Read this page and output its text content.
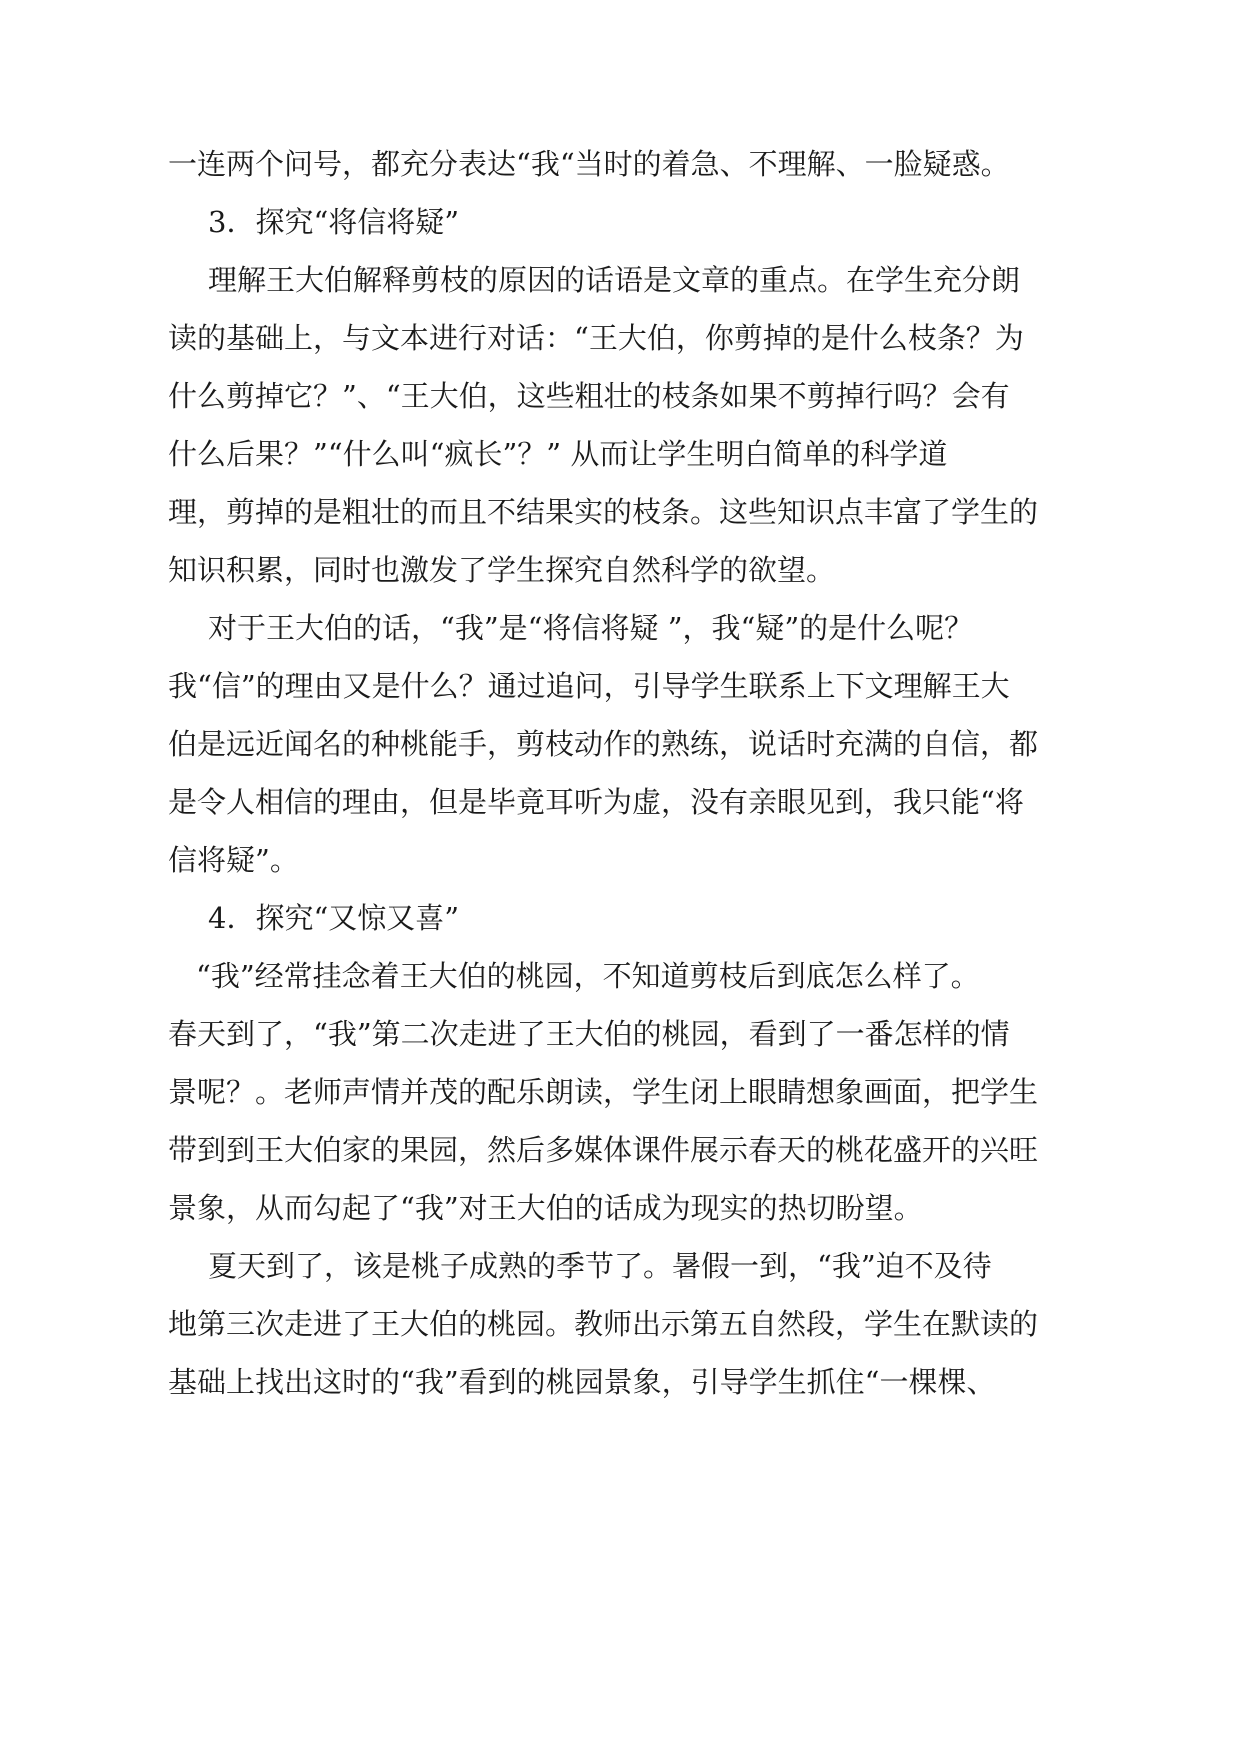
一连两个问号，都充分表达“我“当时的着急、不理解、一脸疑惑。
3．探究“将信将疑”
理解王大伯解释剪枝的原因的话语是文章的重点。在学生充分朗
读的基础上，与文本进行对话：“王大伯，你剪掉的是什么枝条？为
什么剪掉它？”、“王大伯，这些粗壮的枝条如果不剪掉行吗？会有
什么后果？”“什么叫“疯长”？” 从而让学生明白简单的科学道
理，剪掉的是粗壮的而且不结果实的枝条。这些知识点丰富了学生的
知识积累，同时也激发了学生探究自然科学的欲望。
对于王大伯的话，“我”是“将信将疑 ”，我“疑”的是什么呢？
我“信”的理由又是什么？通过追问，引导学生联系上下文理解王大
伯是远近闻名的种桃能手，剪枝动作的熟练，说话时充满的自信，都
是令人相信的理由，但是毕竟耳听为虚，没有亲眼见到，我只能“将
信将疑”。
4．探究“又惊又喜”
“我”经常挂念着王大伯的桃园，不知道剪枝后到底怎么样了。
春天到了，“我”第二次走进了王大伯的桃园，看到了一番怎样的情
景呢？。老师声情并茂的配乐朗读，学生闭上眼睛想象画面，把学生
带到到王大伯家的果园，然后多媒体课件展示春天的桃花盛开的兴旺
景象，从而勾起了“我”对王大伯的话成为现实的热切盼望。
夏天到了，该是桃子成熟的季节了。暑假一到，“我”迫不及待
地第三次走进了王大伯的桃园。教师出示第五自然段，学生在默读的
基础上找出这时的“我”看到的桃园景象，引导学生抓住“一棵棵、
